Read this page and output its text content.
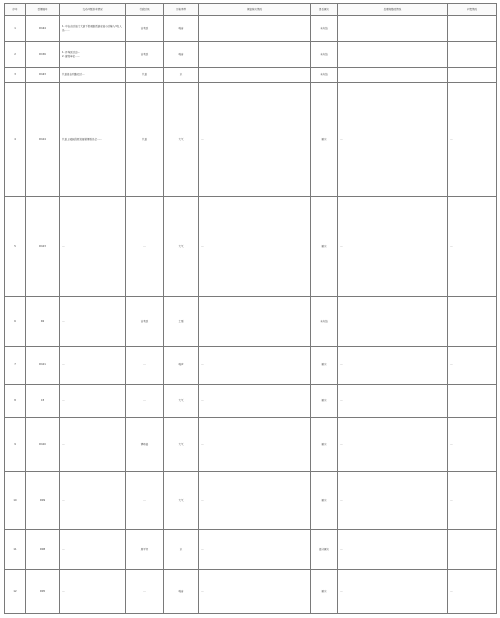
序号	受理编号	交办问题基本情况	行政区域	污染类型	调查核实情况	是否属实	处理和整改情况	问责情况
1	D164	1. 中吉吉区县门大道下街南路街道安装小区输入3名人员……	吉利区	噪音		未办结		
2	D156	1. 件场区区边…
2. 建设单位……	吉利区	噪音		未办结		
3	D163	代县县吉利路社区…	代县	水		未办结		
4	D104	代县上城园高新发展管理委员会……	代县	大气	…	属实	…	…
5	D103	…	…	大气	…	属实	…	…
6	D2	…	吉利区	土壤		未办结		
7	D101	…	…	噪声	…	属实	…	…
8	C3	…	…	大气	…	属实	…	
9	D100	…	繁峙县	大气	…	属实	…	…
10	D99	…	…	大气	…	属实	…	…
11	D98	…	原平市	水	…	部分属实	…	
12	D95	…	…	噪音	…	属实	…	…
